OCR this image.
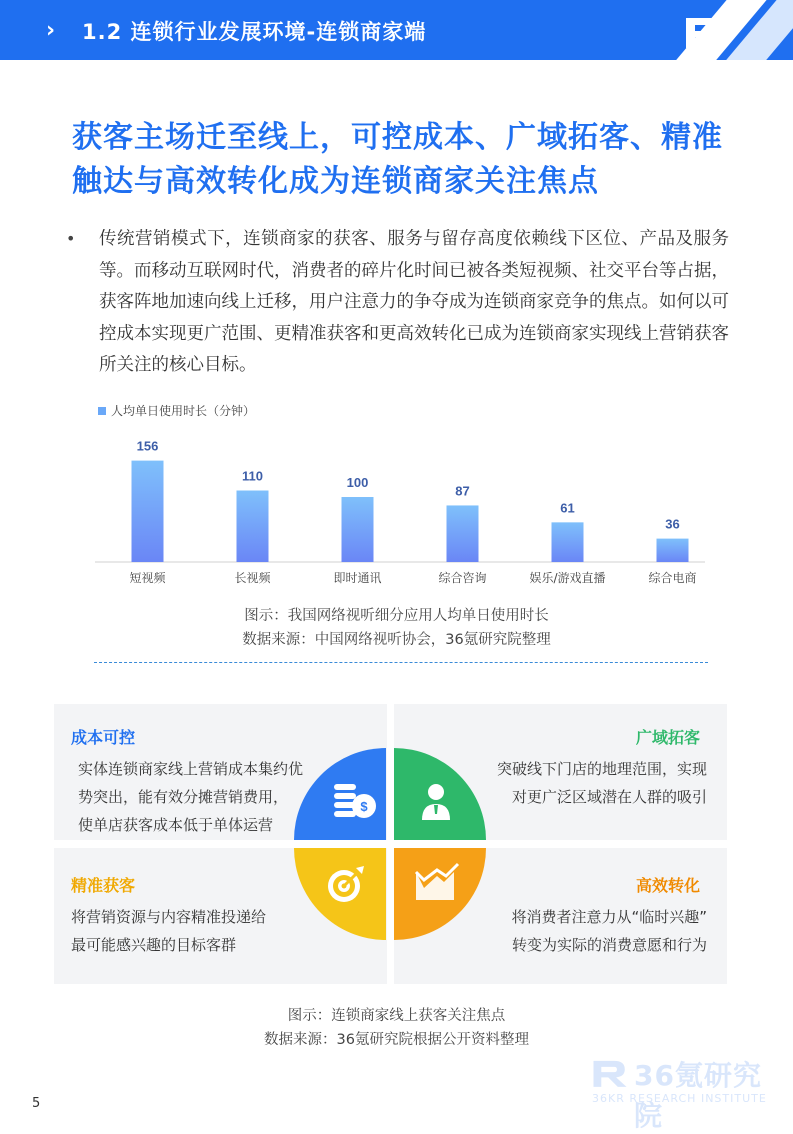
› 1.2 连锁行业发展环境-连锁商家端
获客主场迁至线上，可控成本、广域拓客、精准触达与高效转化成为连锁商家关注焦点
• 传统营销模式下，连锁商家的获客、服务与留存高度依赖线下区位、产品及服务等。而移动互联网时代，消费者的碎片化时间已被各类短视频、社交平台等占据，获客阵地加速向线上迁移，用户注意力的争夺成为连锁商家竞争的焦点。如何以可控成本实现更广范围、更精准获客和更高效转化已成为连锁商家实现线上营销获客所关注的核心目标。
人均单日使用时长（分钟）
156
短视频
110
长视频
100
即时通讯
87
综合咨询
61
娱乐/游戏直播
36
综合电商
图示：我国网络视听细分应用人均单日使用时长
数据来源：中国网络视听协会，36氪研究院整理
成本可控
实体连锁商家线上营销成本集约优
势突出，能有效分摊营销费用，
使单店获客成本低于单体运营
广域拓客
突破线下门店的地理范围，实现
对更广泛区域潜在人群的吸引
精准获客
将营销资源与内容精准投递给
最可能感兴趣的目标客群
高效转化
将消费者注意力从“临时兴趣”
转变为实际的消费意愿和行为
$
图示：连锁商家线上获客关注焦点
数据来源：36氪研究院根据公开资料整理
36氪研究院
36KR RESEARCH INSTITUTE
5
